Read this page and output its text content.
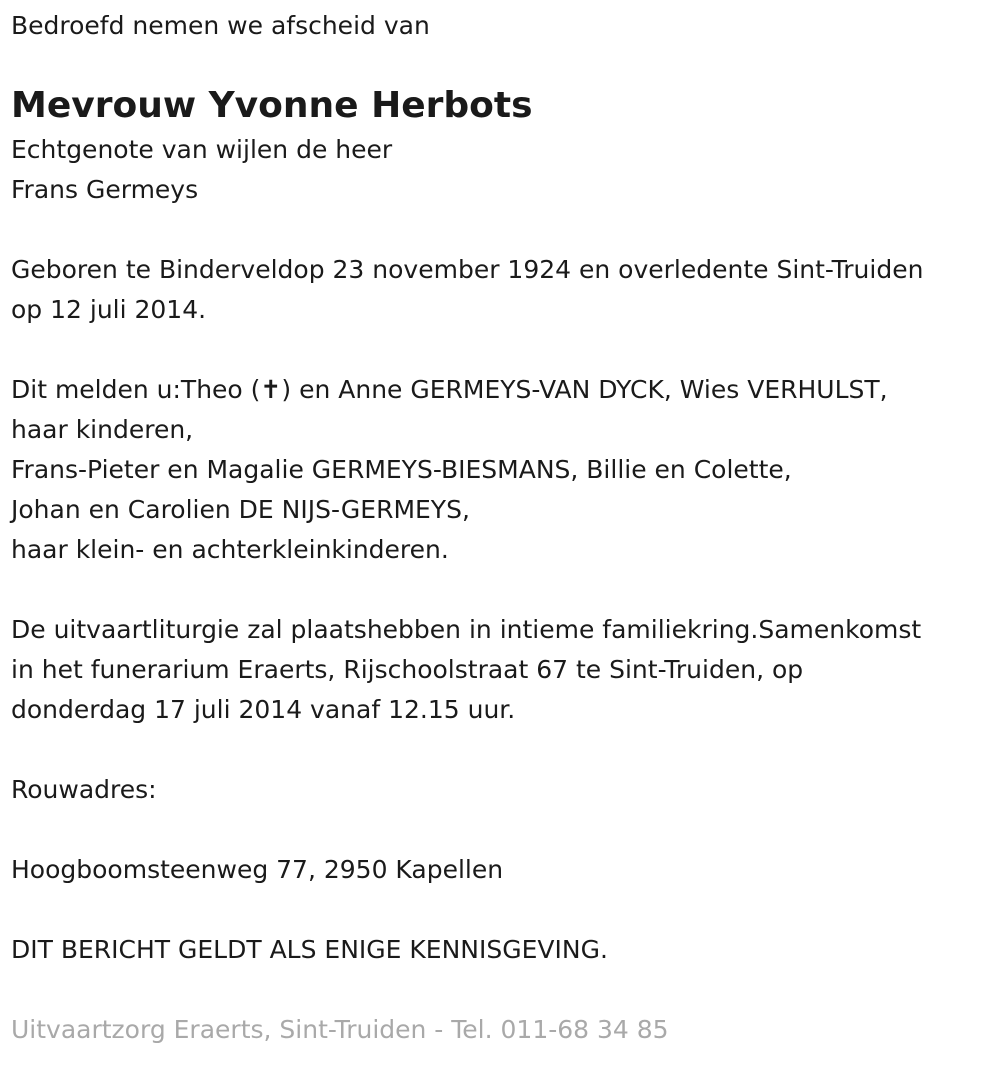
Bedroefd nemen we afscheid van

Mevrouw Yvonne Herbots

Echtgenote van wijlen de heer

Frans Germeys

Geboren te Binderveldop 23 november 1924 en overledente Sint-Truiden

op 12 juli 2014.

Dit melden u:Theo (✝) en Anne GERMEYS-VAN DYCK, Wies VERHULST,

haar kinderen,

Frans-Pieter en Magalie GERMEYS-BIESMANS, Billie en Colette,

Johan en Carolien DE NIJS-GERMEYS,

haar klein- en achterkleinkinderen.

De uitvaartliturgie zal plaatshebben in intieme familiekring.Samenkomst

in het funerarium Eraerts, Rijschoolstraat 67 te Sint-Truiden, op

donderdag 17 juli 2014 vanaf 12.15 uur.

Rouwadres:

Hoogboomsteenweg 77, 2950 Kapellen

DIT BERICHT GELDT ALS ENIGE KENNISGEVING.

Uitvaartzorg Eraerts, Sint-Truiden - Tel. 011-68 34 85
